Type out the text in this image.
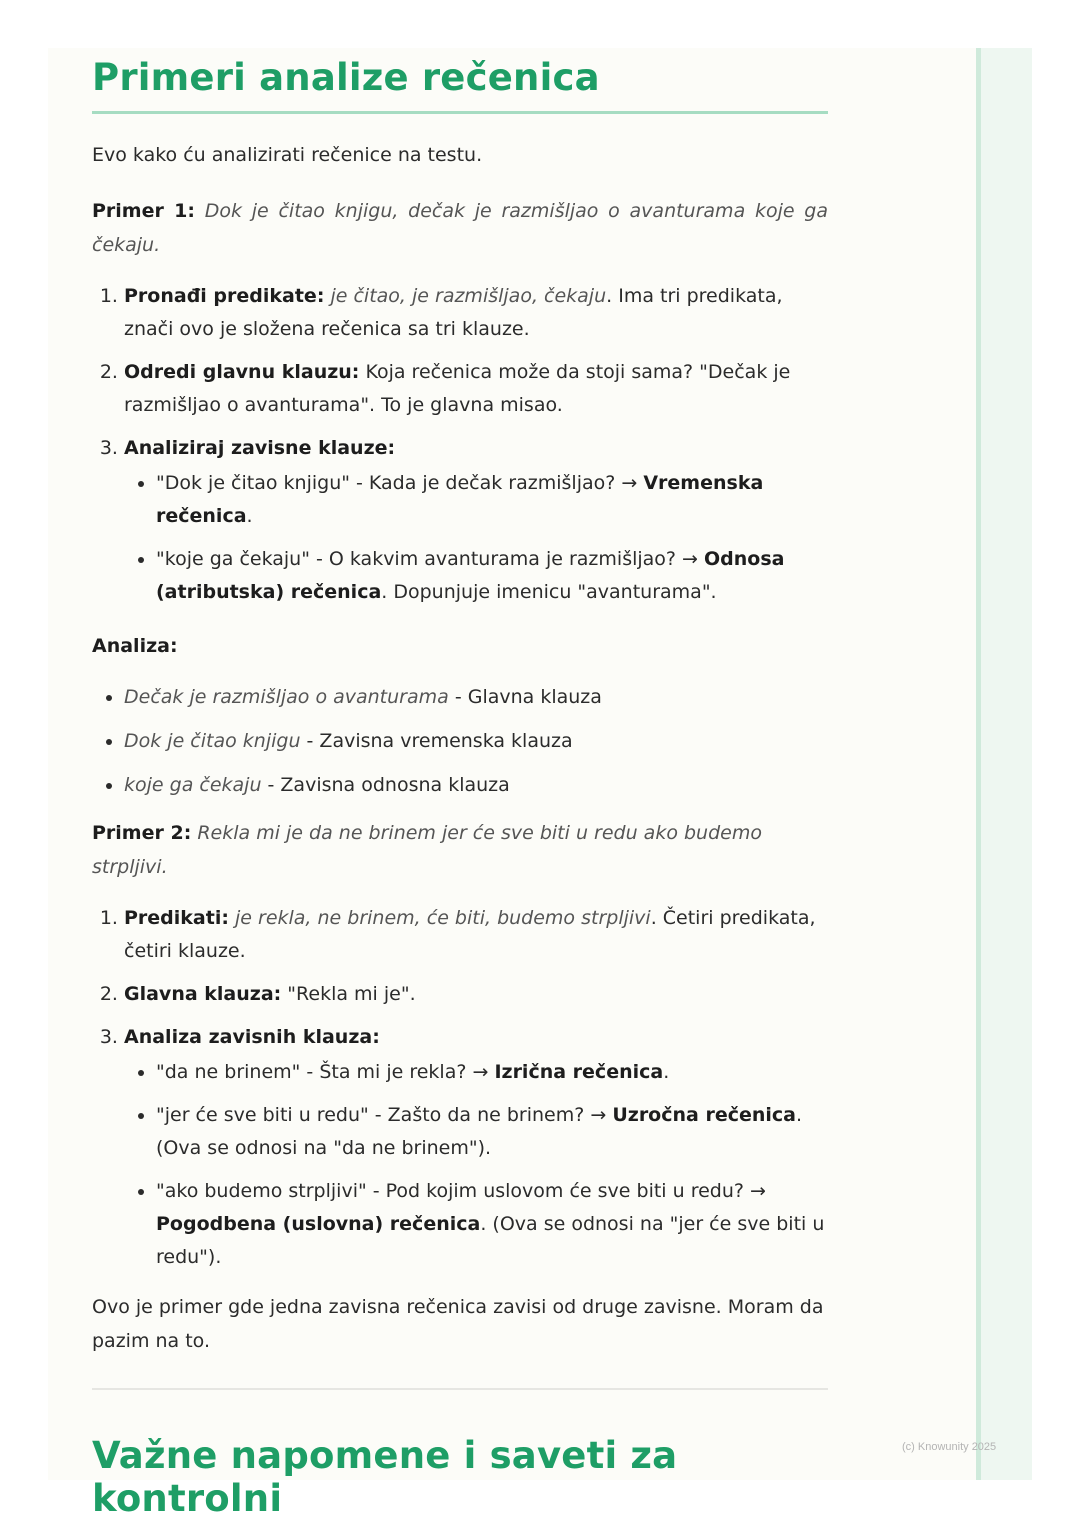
(c) Knowunity 2025
Primeri analize rečenica

Evo kako ću analizirati rečenice na testu.

Primer 1: Dok je čitao knjigu, dečak je razmišljao o avanturama koje ga čekaju.

1. Pronađi predikate: je čitao, je razmišljao, čekaju. Ima tri predikata, znači ovo je složena rečenica sa tri klauze.
2. Odredi glavnu klauzu: Koja rečenica može da stoji sama? "Dečak je razmišljao o avanturama". To je glavna misao.
3. Analiziraj zavisne klauze:
• "Dok je čitao knjigu" - Kada je dečak razmišljao? → Vremenska rečenica.
• "koje ga čekaju" - O kakvim avanturama je razmišljao? → Odnosa (atributska) rečenica. Dopunjuje imenicu "avanturama".

Analiza:

• Dečak je razmišljao o avanturama - Glavna klauza
• Dok je čitao knjigu - Zavisna vremenska klauza
• koje ga čekaju - Zavisna odnosna klauza

Primer 2: Rekla mi je da ne brinem jer će sve biti u redu ako budemo strpljivi.

1. Predikati: je rekla, ne brinem, će biti, budemo strpljivi. Četiri predikata, četiri klauze.
2. Glavna klauza: "Rekla mi je".
3. Analiza zavisnih klauza:
• "da ne brinem" - Šta mi je rekla? → Izrična rečenica.
• "jer će sve biti u redu" - Zašto da ne brinem? → Uzročna rečenica. (Ova se odnosi na "da ne brinem").
• "ako budemo strpljivi" - Pod kojim uslovom će sve biti u redu? → Pogodbena (uslovna) rečenica. (Ova se odnosi na "jer će sve biti u redu").

Ovo je primer gde jedna zavisna rečenica zavisi od druge zavisne. Moram da pazim na to.

Važne napomene i saveti za kontrolni
